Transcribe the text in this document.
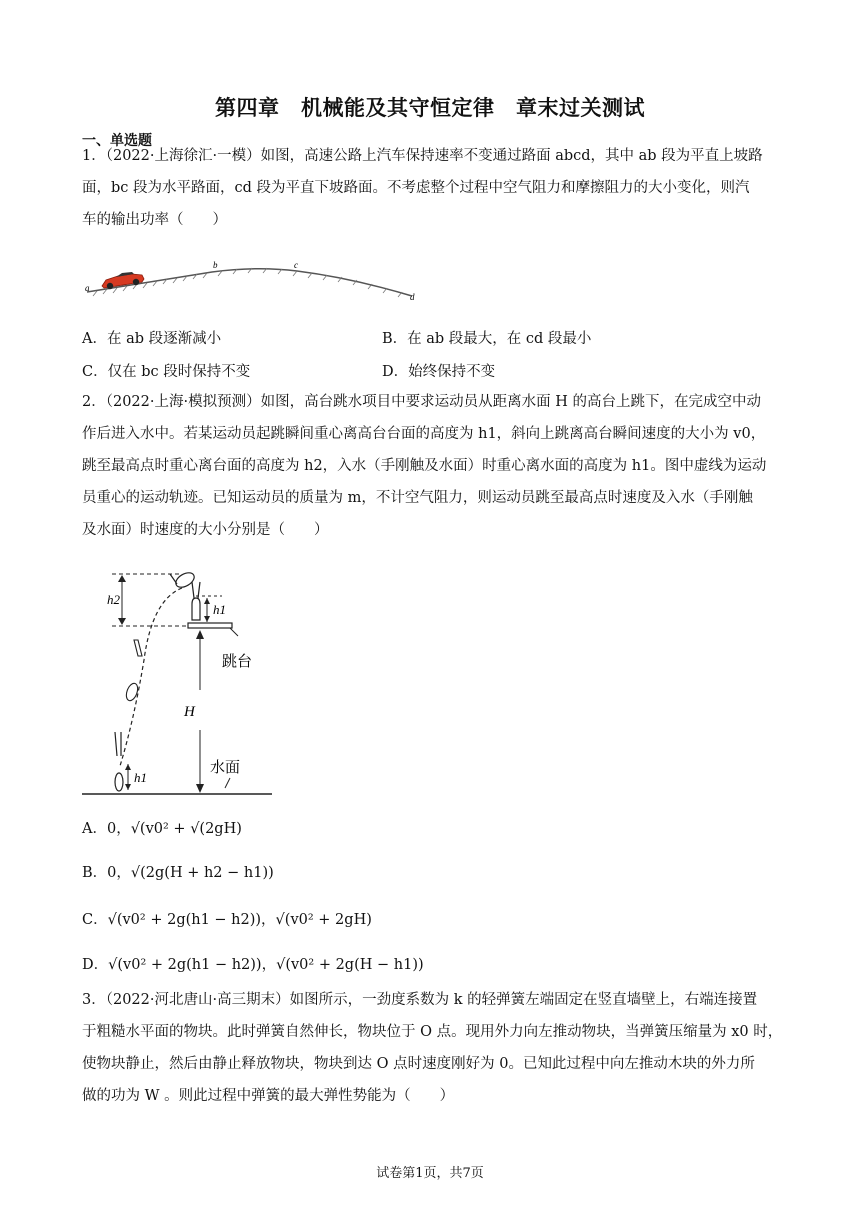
第四章　机械能及其守恒定律　章末过关测试
一、单选题
1．（2022·上海徐汇·一模）如图，高速公路上汽车保持速率不变通过路面 abcd，其中 ab 段为平直上坡路
面，bc 段为水平路面，cd 段为平直下坡路面。不考虑整个过程中空气阻力和摩擦阻力的大小变化，则汽
车的输出功率（　　）
a
b	c
d
A．在 ab 段逐渐减小	B．在 ab 段最大，在 cd 段最小
C．仅在 bc 段时保持不变	D．始终保持不变
2．（2022·上海·模拟预测）如图，高台跳水项目中要求运动员从距离水面 H 的高台上跳下，在完成空中动
作后进入水中。若某运动员起跳瞬间重心离高台台面的高度为 h1，斜向上跳离高台瞬间速度的大小为 v0，
跳至最高点时重心离台面的高度为 h2，入水（手刚触及水面）时重心离水面的高度为 h1。图中虚线为运动
员重心的运动轨迹。已知运动员的质量为 m，不计空气阻力，则运动员跳至最高点时速度及入水（手刚触
及水面）时速度的大小分别是（　　）
h2
h1
跳台
H
水面
h1
A．0，√(v0² + √(2gH)
B．0，√(2g(H + h2 − h1))
C．√(v0² + 2g(h1 − h2))，√(v0² + 2gH)
D．√(v0² + 2g(h1 − h2))，√(v0² + 2g(H − h1))
3．（2022·河北唐山·高三期末）如图所示，一劲度系数为 k 的轻弹簧左端固定在竖直墙壁上，右端连接置
于粗糙水平面的物块。此时弹簧自然伸长，物块位于 O 点。现用外力向左推动物块，当弹簧压缩量为 x0 时，
使物块静止，然后由静止释放物块，物块到达 O 点时速度刚好为 0。已知此过程中向左推动木块的外力所
做的功为 W 。则此过程中弹簧的最大弹性势能为（　　）
试卷第1页，共7页
